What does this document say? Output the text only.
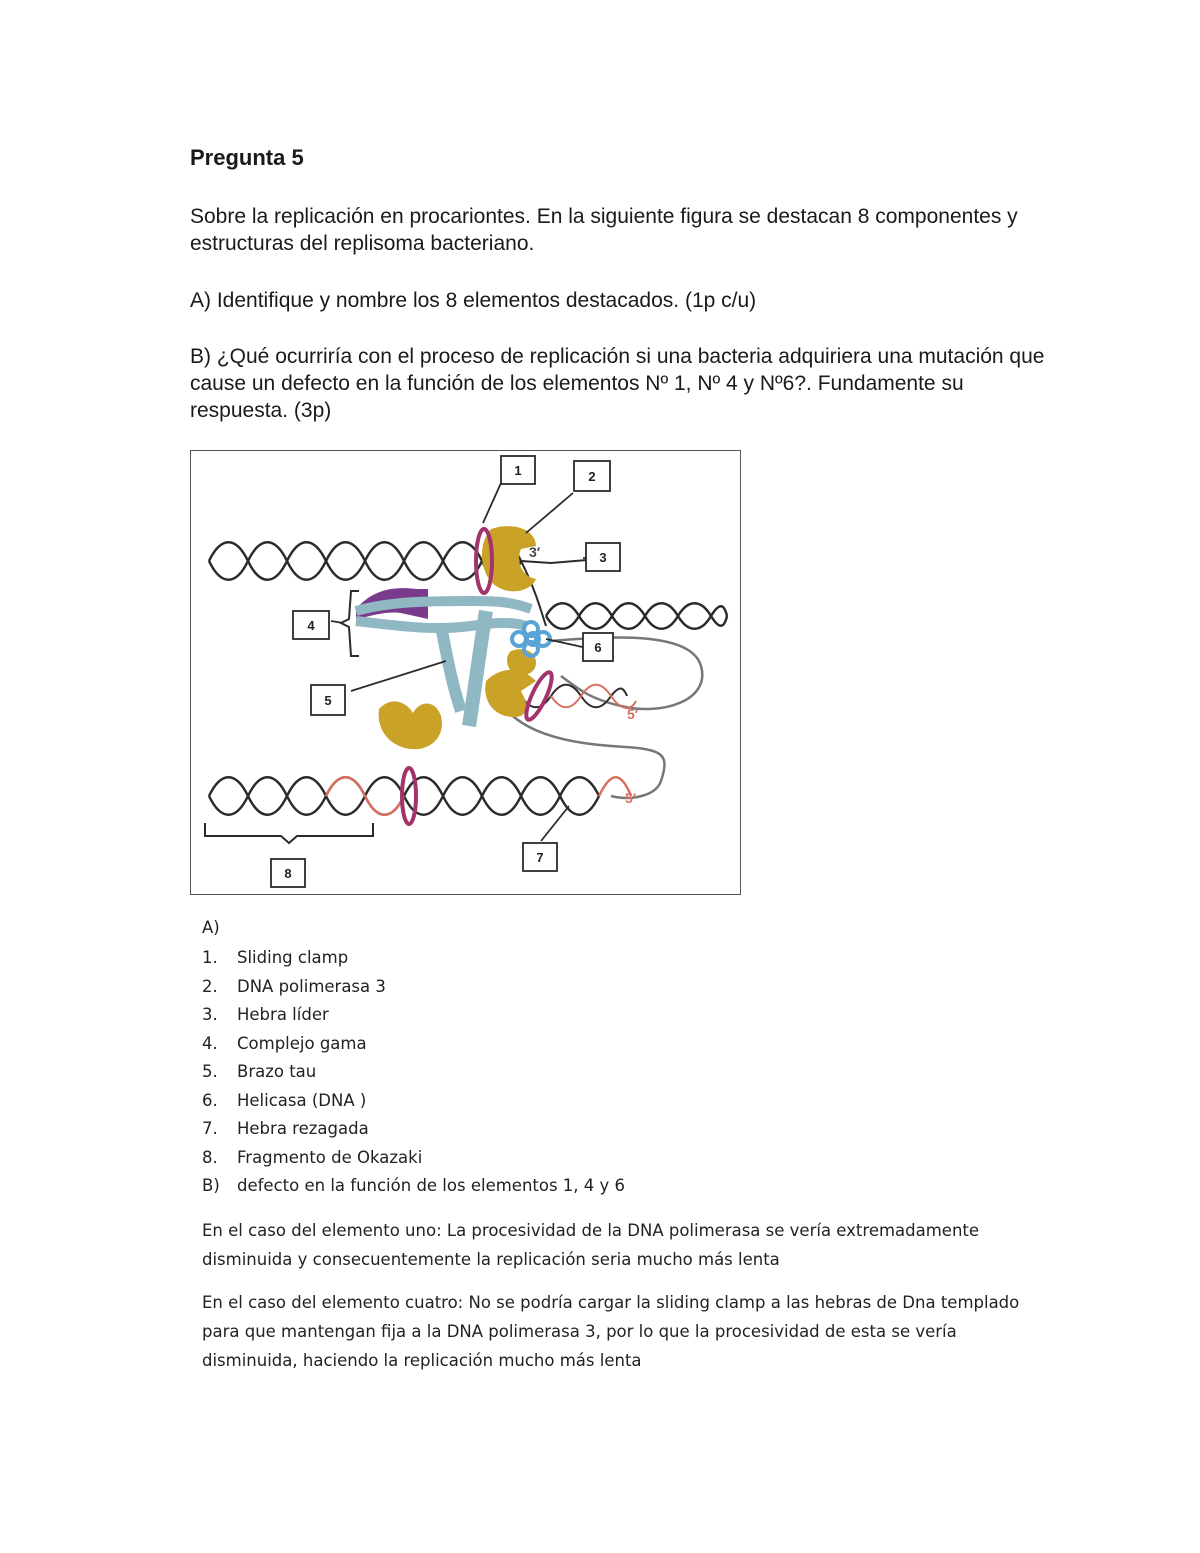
Pregunta 5
Sobre la replicación en procariontes. En la siguiente figura se destacan 8 componentes y estructuras del replisoma bacteriano.
A) Identifique y nombre los 8 elementos destacados. (1p c/u)
B) ¿Qué ocurriría con el proceso de replicación si una bacteria adquiriera una mutación que cause un defecto en la función de los elementos Nº 1, Nº 4 y Nº6?. Fundamente su respuesta. (3p)
1	2
3
4
5
6
7
8
3′
5′
5′
A)
1. Sliding clamp
2. DNA polimerasa 3
3. Hebra líder
4. Complejo gama
5. Brazo tau
6. Helicasa (DNA )
7. Hebra rezagada
8. Fragmento de Okazaki
B) defecto en la función de los elementos 1, 4 y 6
En el caso del elemento uno: La procesividad de la DNA polimerasa se vería extremadamente disminuida y consecuentemente la replicación seria mucho más lenta
En el caso del elemento cuatro: No se podría cargar la sliding clamp a las hebras de Dna templado para que mantengan fija a la DNA polimerasa 3, por lo que la procesividad de esta se vería disminuida, haciendo la replicación mucho más lenta
